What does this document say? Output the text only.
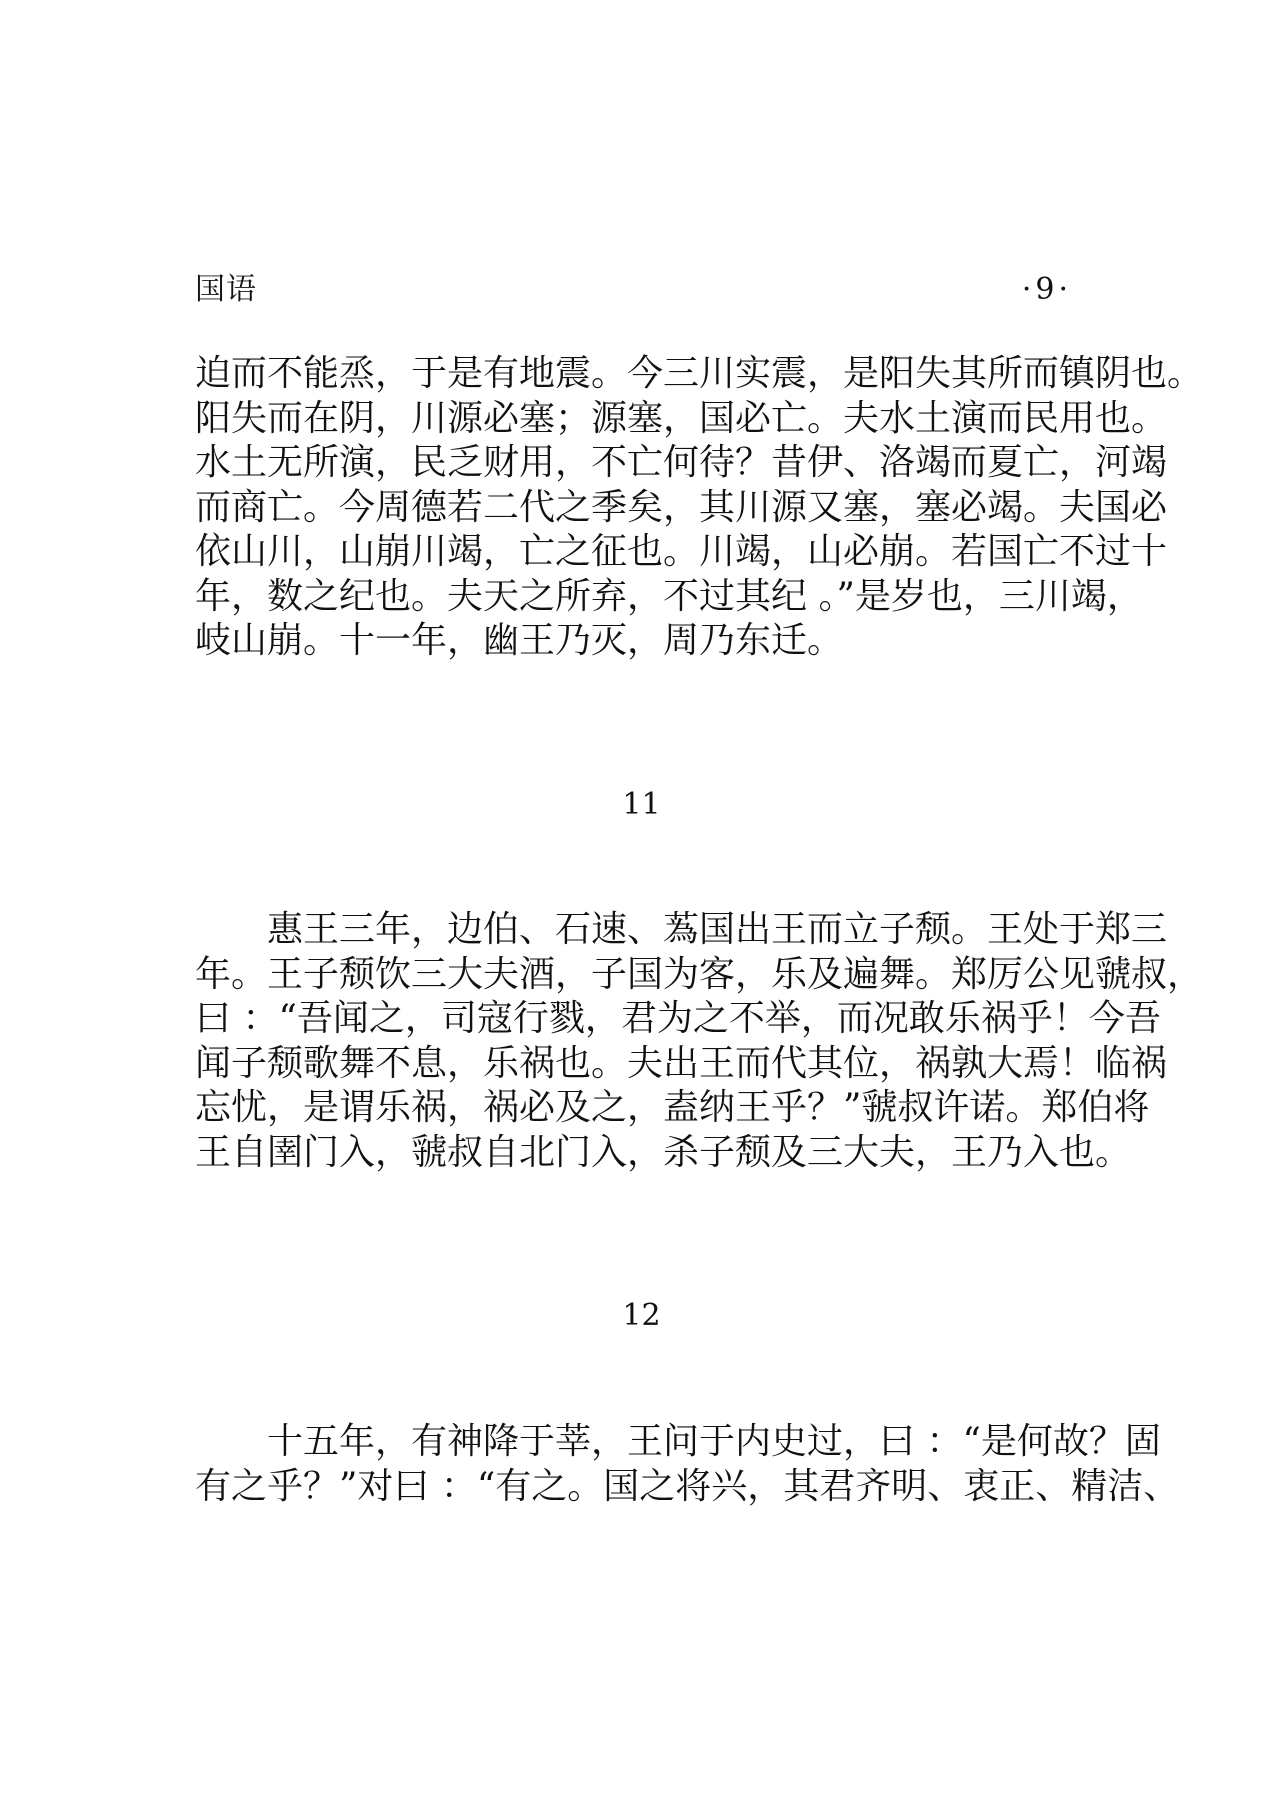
国语	·9·
迫而不能烝，于是有地震。今三川实震，是阳失其所而镇阴也。
阳失而在阴，川源必塞；源塞，国必亡。夫水土演而民用也。
水土无所演，民乏财用，不亡何待？昔伊、洛竭而夏亡，河竭
而商亡。今周德若二代之季矣，其川源又塞，塞必竭。夫国必
依山川，山崩川竭，亡之征也。川竭，山必崩。若国亡不过十
年，数之纪也。夫天之所弃，不过其纪 。”是岁也，三川竭，
岐山崩。十一年，幽王乃灭，周乃东迁。
11
　　惠王三年，边伯、石速、蒍国出王而立子颓。王处于郑三
年。王子颓饮三大夫酒，子国为客，乐及遍舞。郑厉公见虢叔，
曰 ：“吾闻之，司寇行戮，君为之不举，而况敢乐祸乎！今吾
闻子颓歌舞不息，乐祸也。夫出王而代其位，祸孰大焉！临祸
忘忧，是谓乐祸，祸必及之，盍纳王乎？”虢叔许诺。郑伯将
王自圉门入，虢叔自北门入，杀子颓及三大夫，王乃入也。
12
　　十五年，有神降于莘，王问于内史过，曰 ：“是何故？固
有之乎？”对曰 ：“有之。国之将兴，其君齐明、衷正、精洁、
